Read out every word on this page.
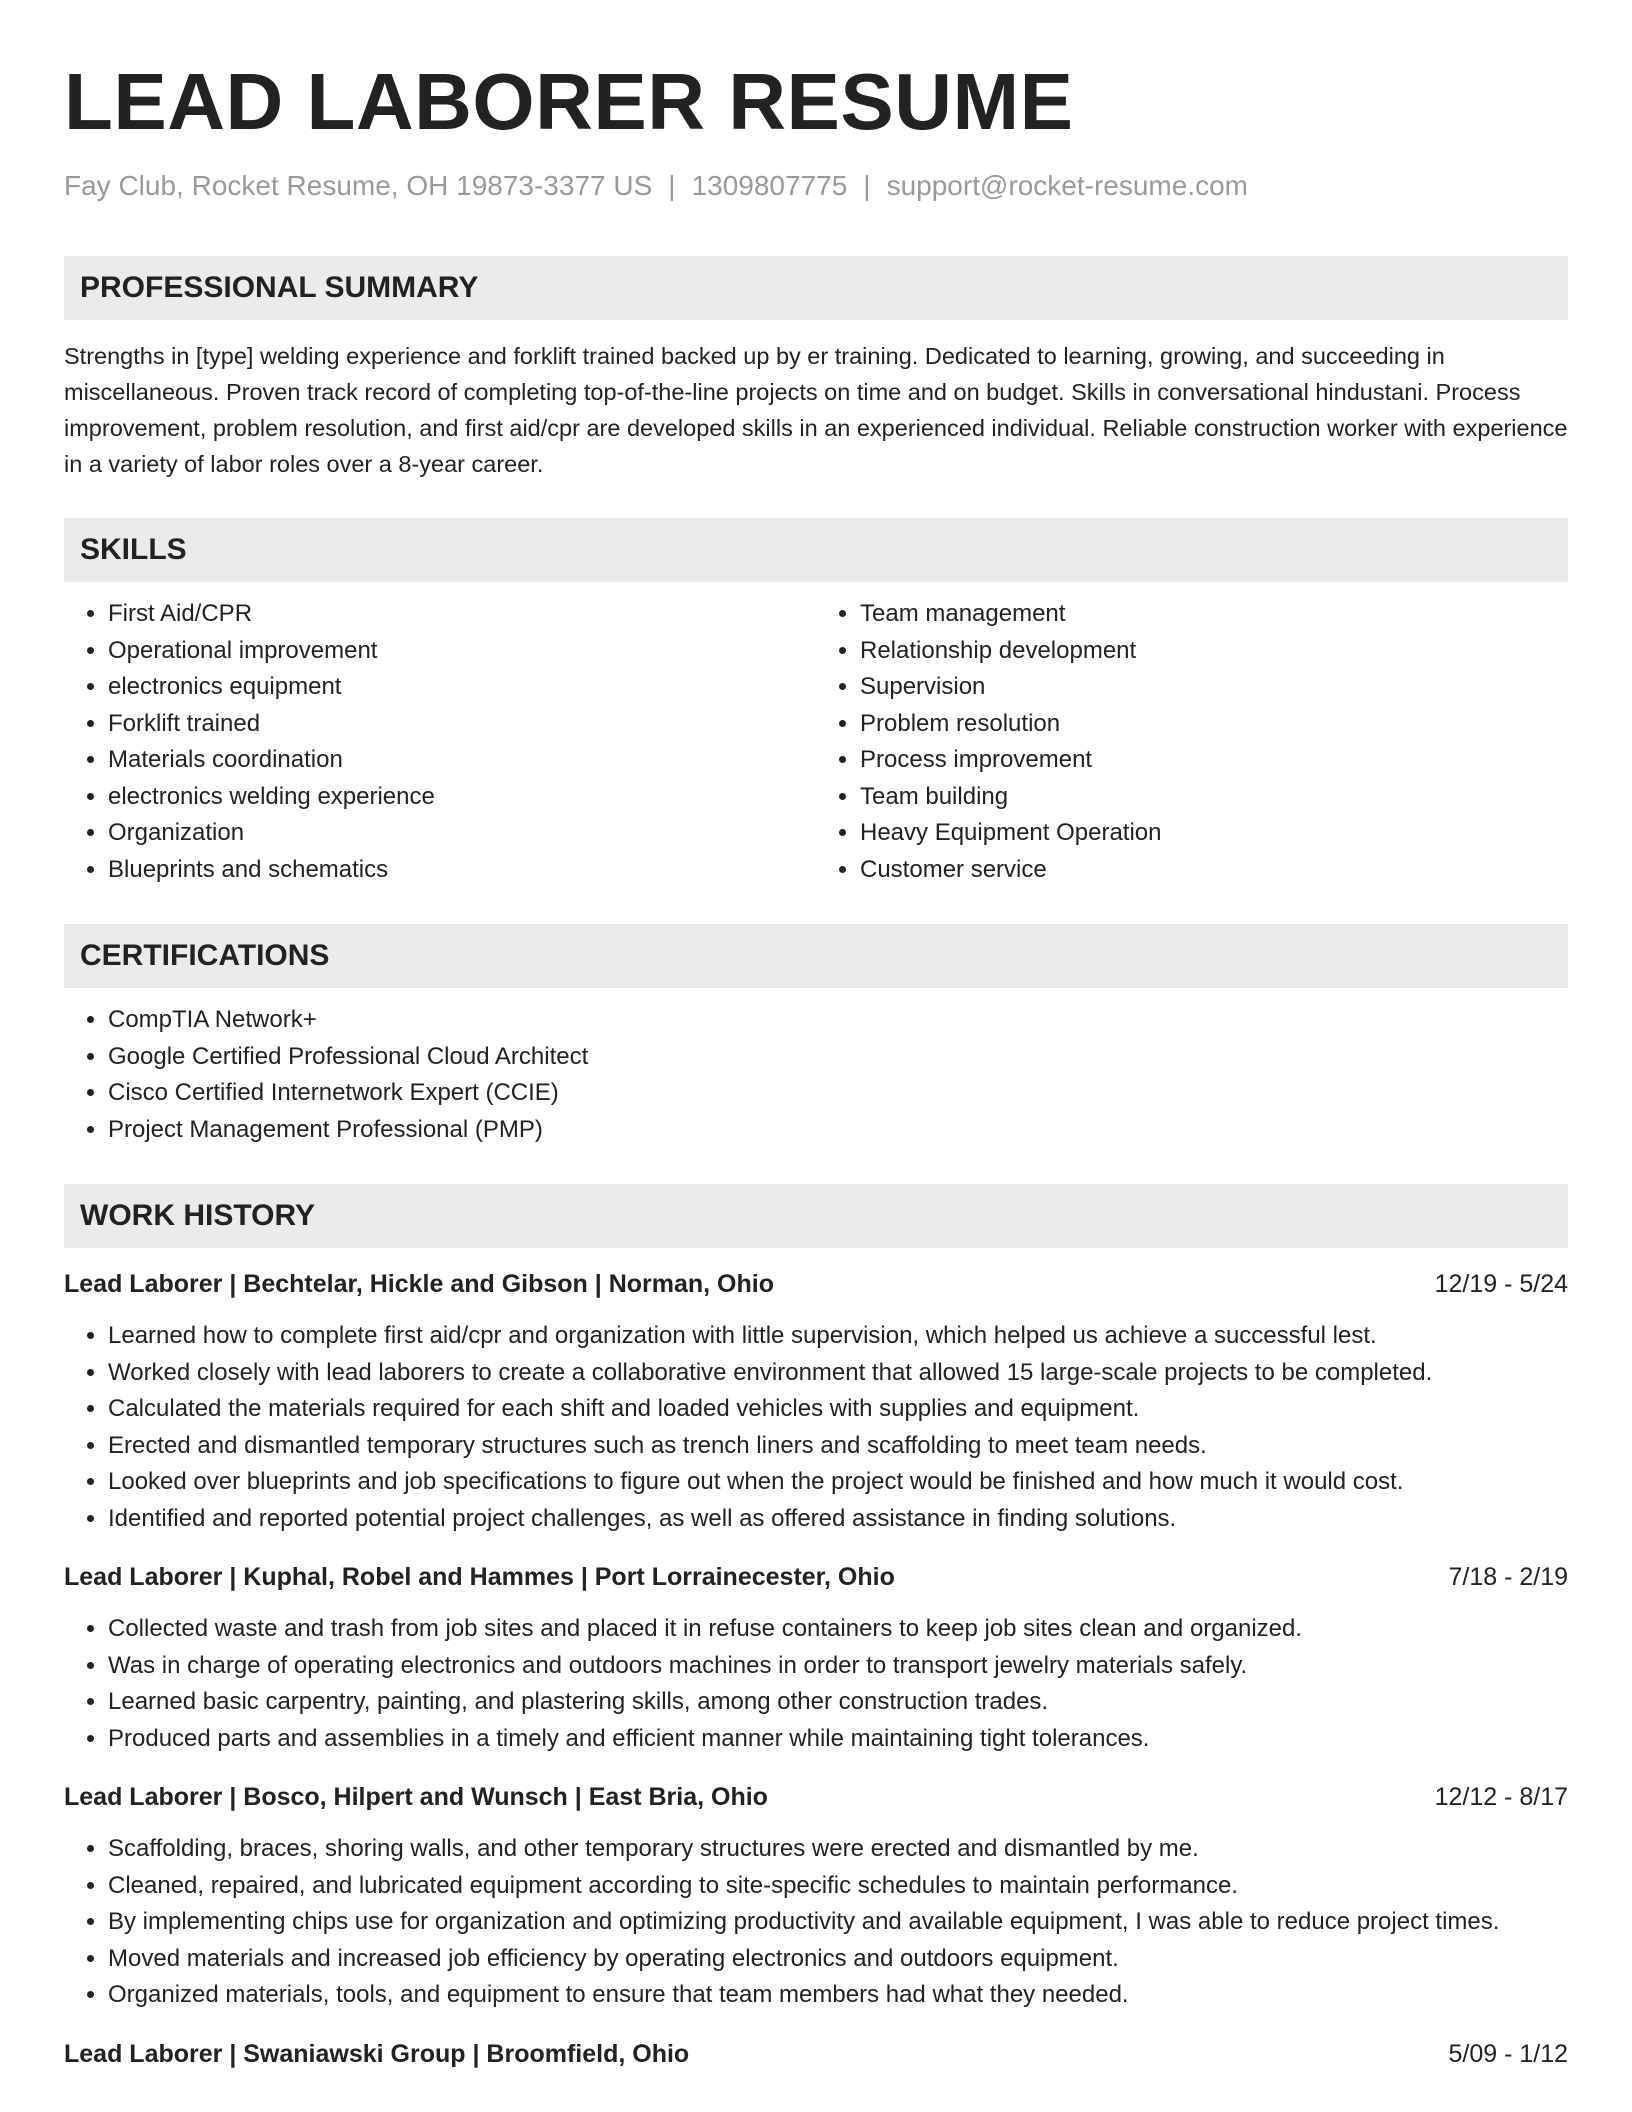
LEAD LABORER RESUME
Fay Club, Rocket Resume, OH 19873-3377 US | 1309807775 | support@rocket-resume.com
PROFESSIONAL SUMMARY
Strengths in [type] welding experience and forklift trained backed up by er training. Dedicated to learning, growing, and succeeding in miscellaneous. Proven track record of completing top-of-the-line projects on time and on budget. Skills in conversational hindustani. Process improvement, problem resolution, and first aid/cpr are developed skills in an experienced individual. Reliable construction worker with experience in a variety of labor roles over a 8-year career.
SKILLS
• First Aid/CPR
• Operational improvement
• electronics equipment
• Forklift trained
• Materials coordination
• electronics welding experience
• Organization
• Blueprints and schematics
• Team management
• Relationship development
• Supervision
• Problem resolution
• Process improvement
• Team building
• Heavy Equipment Operation
• Customer service
CERTIFICATIONS
• CompTIA Network+
• Google Certified Professional Cloud Architect
• Cisco Certified Internetwork Expert (CCIE)
• Project Management Professional (PMP)
WORK HISTORY
Lead Laborer | Bechtelar, Hickle and Gibson | Norman, Ohio	12/19 - 5/24
• Learned how to complete first aid/cpr and organization with little supervision, which helped us achieve a successful lest.
• Worked closely with lead laborers to create a collaborative environment that allowed 15 large-scale projects to be completed.
• Calculated the materials required for each shift and loaded vehicles with supplies and equipment.
• Erected and dismantled temporary structures such as trench liners and scaffolding to meet team needs.
• Looked over blueprints and job specifications to figure out when the project would be finished and how much it would cost.
• Identified and reported potential project challenges, as well as offered assistance in finding solutions.
Lead Laborer | Kuphal, Robel and Hammes | Port Lorrainecester, Ohio	7/18 - 2/19
• Collected waste and trash from job sites and placed it in refuse containers to keep job sites clean and organized.
• Was in charge of operating electronics and outdoors machines in order to transport jewelry materials safely.
• Learned basic carpentry, painting, and plastering skills, among other construction trades.
• Produced parts and assemblies in a timely and efficient manner while maintaining tight tolerances.
Lead Laborer | Bosco, Hilpert and Wunsch | East Bria, Ohio	12/12 - 8/17
• Scaffolding, braces, shoring walls, and other temporary structures were erected and dismantled by me.
• Cleaned, repaired, and lubricated equipment according to site-specific schedules to maintain performance.
• By implementing chips use for organization and optimizing productivity and available equipment, I was able to reduce project times.
• Moved materials and increased job efficiency by operating electronics and outdoors equipment.
• Organized materials, tools, and equipment to ensure that team members had what they needed.
Lead Laborer | Swaniawski Group | Broomfield, Ohio	5/09 - 1/12
